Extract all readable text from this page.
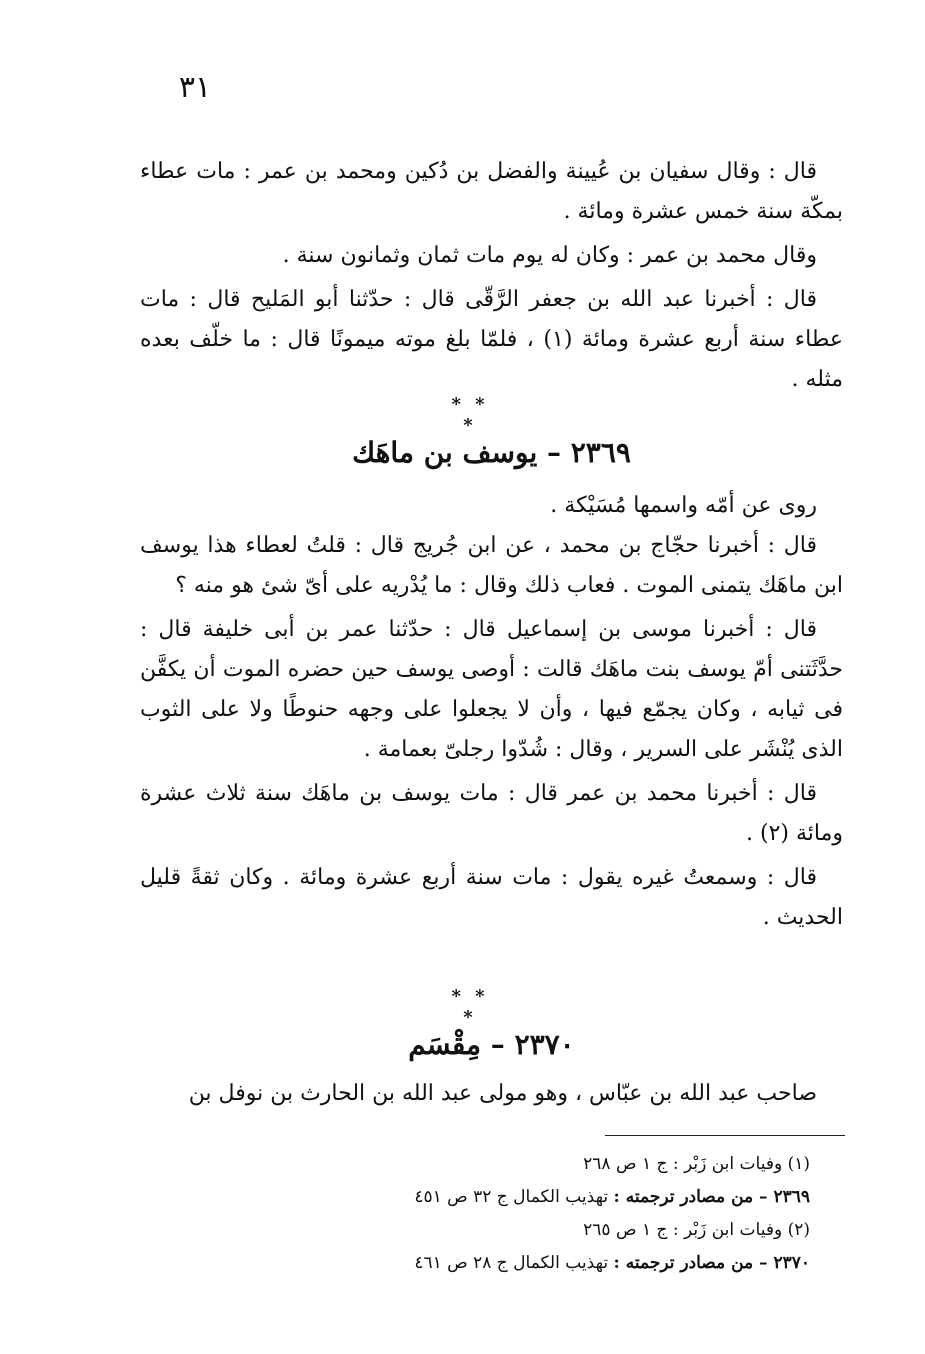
٣١

قال : وقال سفيان بن عُيينة والفضل بن دُكين ومحمد بن عمر : مات عطاء بمكّة سنة خمس عشرة ومائة .

وقال محمد بن عمر : وكان له يوم مات ثمان وثمانون سنة .

قال : أخبرنا عبد الله بن جعفر الرَّقّى قال : حدّثنا أبو المَليح قال : مات عطاء سنة أربع عشرة ومائة (١) ، فلمّا بلغ موته ميمونًا قال : ما خلّف بعده مثله .

* * *
٢٣٦٩ – يوسف بن ماهَك

روى عن أمّه واسمها مُسَيْكة .

قال : أخبرنا حجّاج بن محمد ، عن ابن جُريج قال : قلتُ لعطاء هذا يوسف ابن ماهَك يتمنى الموت . فعاب ذلك وقال : ما يُدْريه على أىّ شئ هو منه ؟

قال : أخبرنا موسى بن إسماعيل قال : حدّثنا عمر بن أبى خليفة قال : حدَّثَتنى أمّ يوسف بنت ماهَك قالت : أوصى يوسف حين حضره الموت أن يكفَّن فى ثيابه ، وكان يجمّع فيها ، وأن لا يجعلوا على وجهه حنوطًا ولا على الثوب الذى يُنْشَر على السرير ، وقال : شُدّوا رجلىّ بعمامة .

قال : أخبرنا محمد بن عمر قال : مات يوسف بن ماهَك سنة ثلاث عشرة ومائة (٢) .

قال : وسمعتُ غيره يقول : مات سنة أربع عشرة ومائة . وكان ثقةً قليل الحديث .

* * *
٢٣٧٠ – مِقْسَم

صاحب عبد الله بن عبّاس ، وهو مولى عبد الله بن الحارث بن نوفل بن

(١) وفيات ابن زَبْر : ج ١ ص ٢٦٨
٢٣٦٩ – من مصادر ترجمته : تهذيب الكمال ج ٣٢ ص ٤٥١
(٢) وفيات ابن زَبْر : ج ١ ص ٢٦٥
٢٣٧٠ – من مصادر ترجمته : تهذيب الكمال ج ٢٨ ص ٤٦١
